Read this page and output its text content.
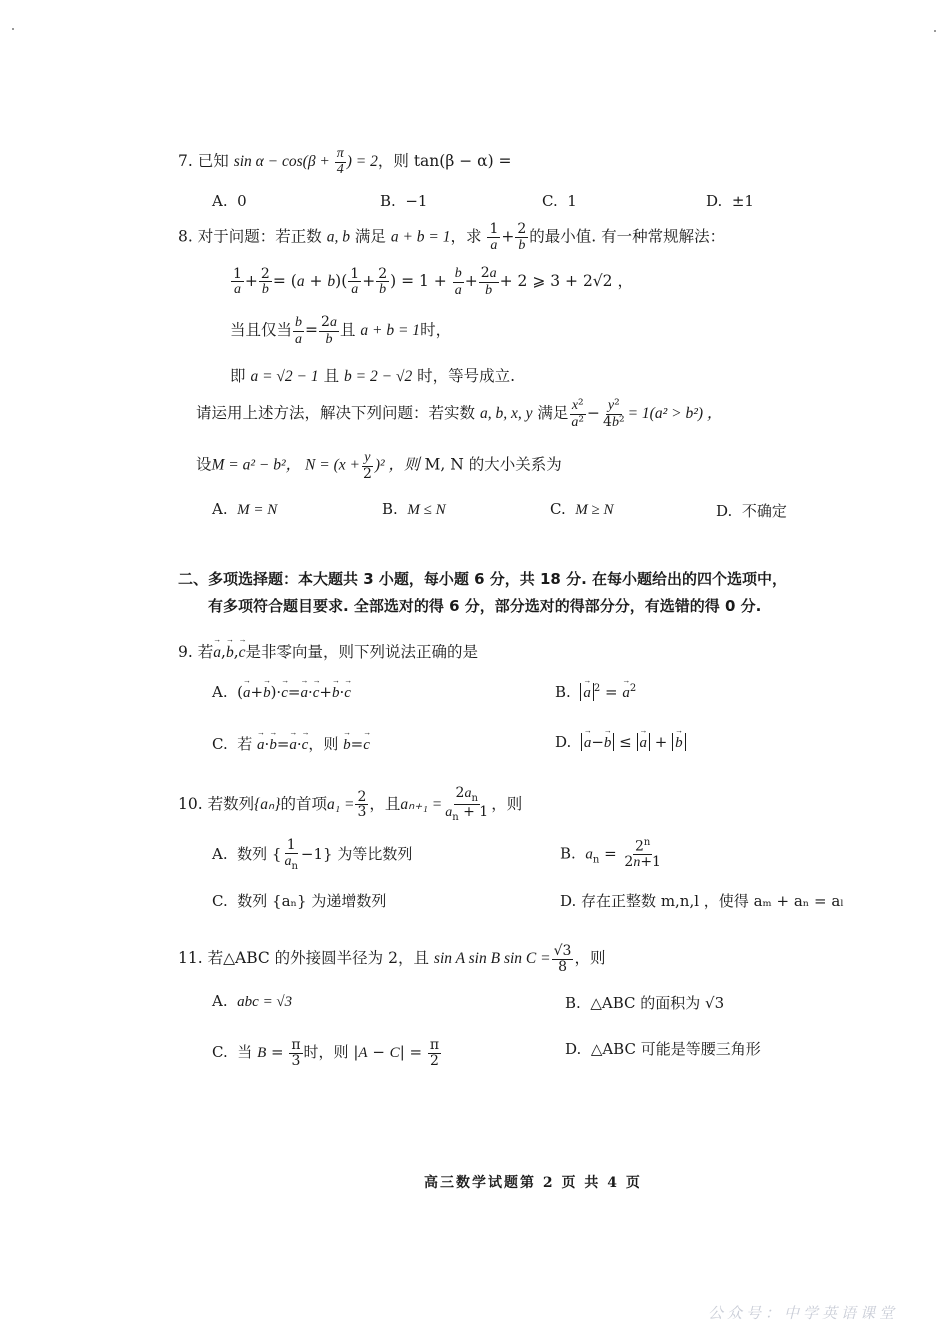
7. 已知 $\sin \alpha - \cos(\beta + \frac{\pi}{4}$ ) = 2，则 tan(β − α) =
A. 0	B. −1	C. 1	D. ±1
8. 对于问题：若正数 a, b 满足 a + b = 1，求 $\frac{1}{a} + \frac{2}{b}$ 的最小值. 有一种常规解法：
$\frac{1}{a} + \frac{2}{b} = (a + b)( \frac{1}{a} + \frac{2}{b}$ ) = $1 + \frac{b}{a} + \frac{2a}{b} + 2$ ⩾ 3 + 2√2 ，
当且仅当 $\frac{b}{a} = \frac{2a}{b}$ 且 a + b = 1时，
即 a = √2 − 1 且 b = 2 − √2 时，等号成立.
请运用上述方法，解决下列问题：若实数 a, b, x, y 满足 $\frac{\text{x²}}{\text{a²}} - \frac{\text{y²}}{\text{4b²}} = 1(a^2 > b^2)$ ，
设M = a² − b²， $N = (x + \frac{y}{2} )^2$ ，则 M, N 的大小关系为
A. M = N	B. M ≤ N	C. M ≥ N	D. 不确定
二、多项选择题：本大题共 3 小题，每小题 6 分，共 18 分. 在每小题给出的四个选项中，
有多项符合题目要求. 全部选对的得 6 分，部分选对的得部分分，有选错的得 0 分.
9. 若→ a,→ b,→ c是非零向量，则下列说法正确的是
A.  (→ a+→ b)·→ c=→ a·→ c+→ b·→ c	B. → a $^2$ = → $a^2$
C.  若 → a·→ b=→ a·→ c，则 → b=→ c	D. → a−→ b ≤ → a + → b
10. 若数列{aₙ}的首项$a_1 = \frac{2}{3}$ ，且$a_{n+1} = \frac{2a_n}{a_n + 1}$ ，则
A. 数列 { $\frac{1}{a_n} -1$} 为等比数列	B. $a_n = \frac{2^n}{2n+1}$
C. 数列 {aₙ} 为递增数列	D. 存在正整数 m,n,l ，使得 aₘ + aₙ = aₗ
11. 若△ABC 的外接圆半径为 2，且 sin A sin B $\sin C = \frac{√3}{8}$ ，则
A. abc = √3	B. △ABC 的面积为 √3
C. 当 $B = \frac{\pi}{3}$ 时，则 $|A - C| = \frac{\pi}{2}$	D. △ABC 可能是等腰三角形
高三数学试题第 2 页 共 4 页
公众号：中学英语课堂
